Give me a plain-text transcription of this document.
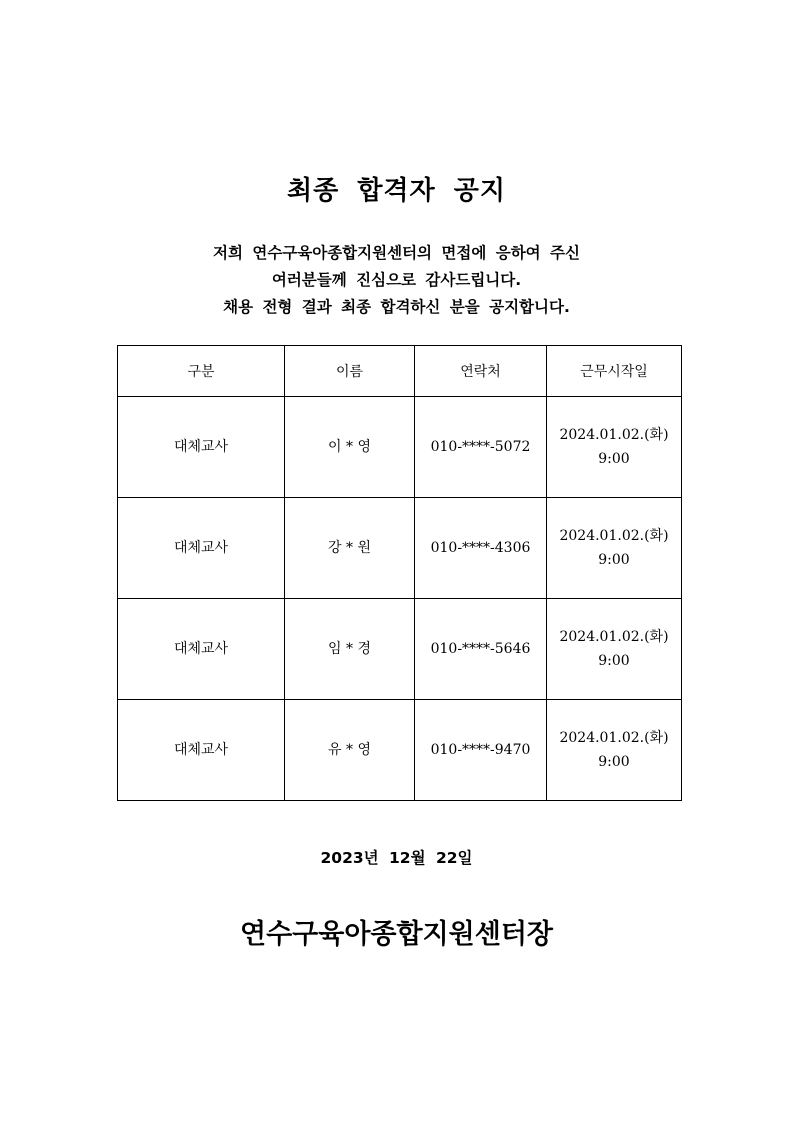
최종 합격자 공지
저희 연수구육아종합지원센터의 면접에 응하여 주신
여러분들께 진심으로 감사드립니다.
채용 전형 결과 최종 합격하신 분을 공지합니다.
구분	이름	연락처	근무시작일
대체교사	이 * 영	010-****-5072	2024.01.02.(화)
9:00

대체교사	강 * 원	010-****-4306	2024.01.02.(화)
9:00

대체교사	임 * 경	010-****-5646	2024.01.02.(화)
9:00

대체교사	유 * 영	010-****-9470	2024.01.02.(화)
9:00
2023년 12월 22일
연수구육아종합지원센터장
